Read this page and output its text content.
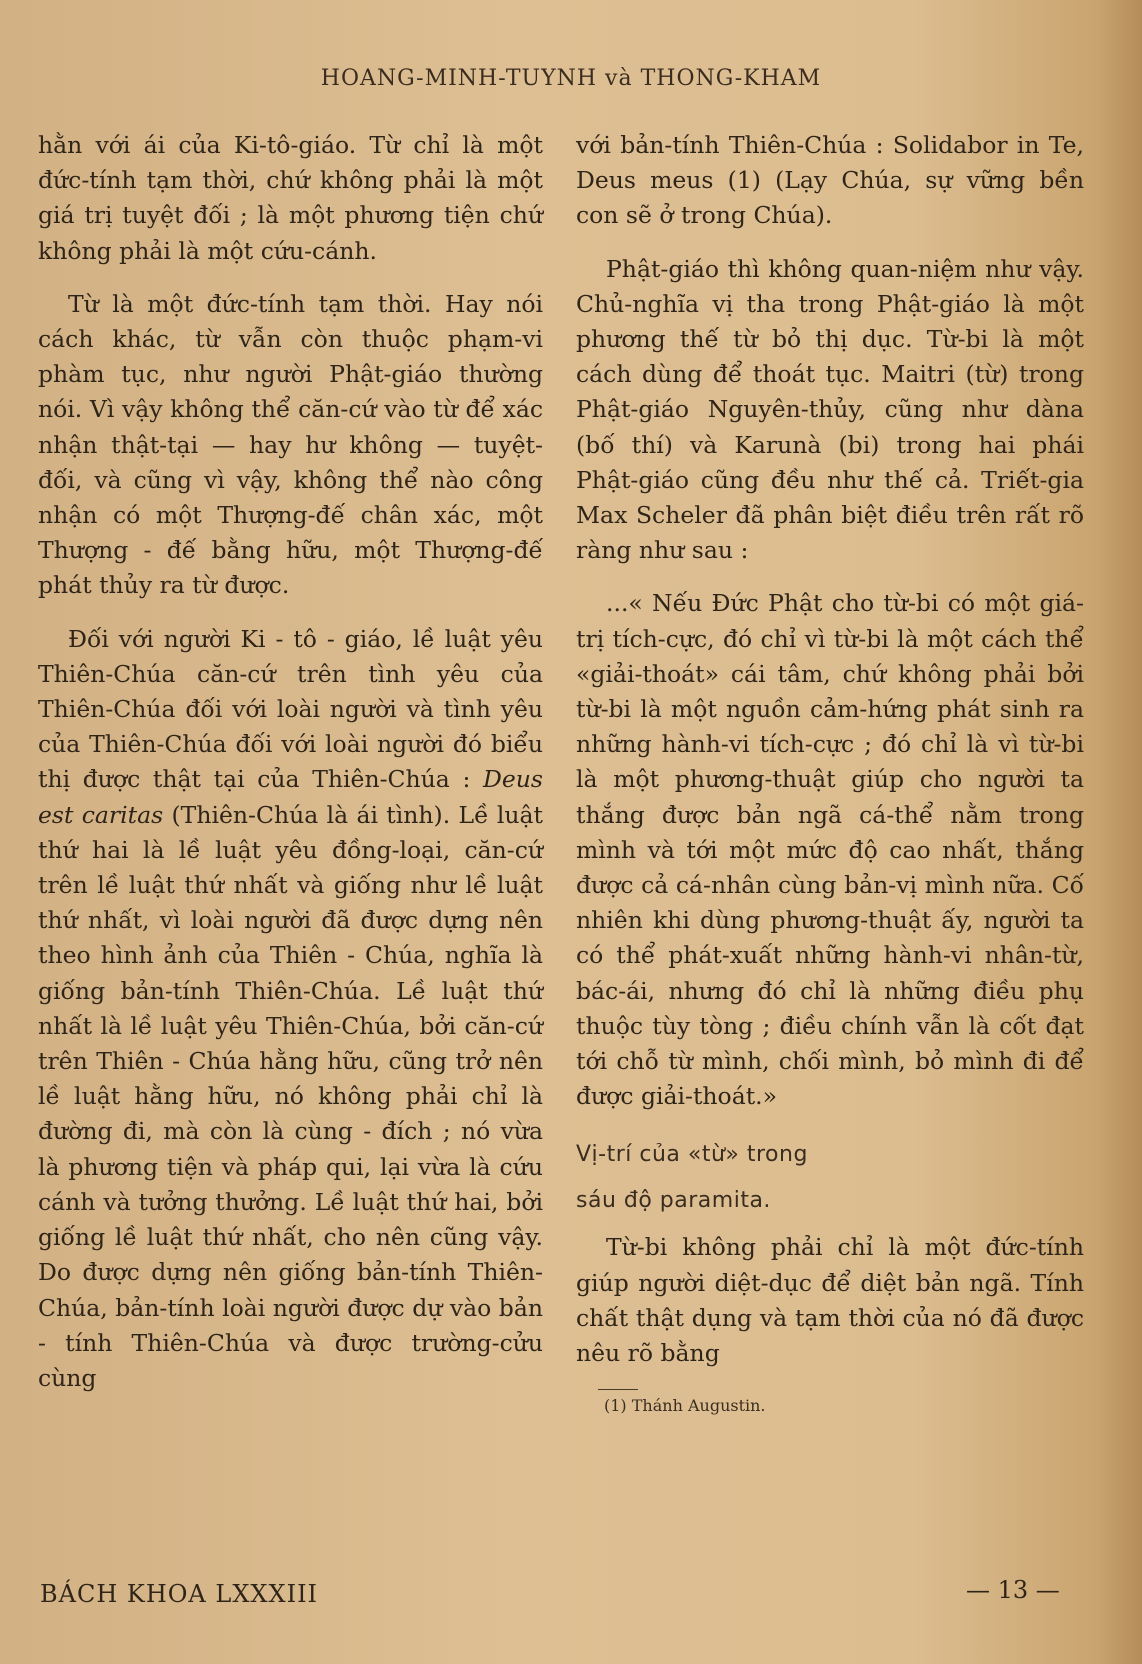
HOANG-MINH-TUYNH và THONG-KHAM

hằn với ái của Ki-tô-giáo. Từ chỉ là một đức-tính tạm thời, chứ không phải là một giá trị tuyệt đối ; là một phương tiện chứ không phải là một cứu-cánh.

Từ là một đức-tính tạm thời. Hay nói cách khác, từ vẫn còn thuộc phạm-vi phàm tục, như người Phật-giáo thường nói. Vì vậy không thể căn-cứ vào từ để xác nhận thật-tại — hay hư không — tuyệt-đối, và cũng vì vậy, không thể nào công nhận có một Thượng-đế chân xác, một Thượng - đế bằng hữu, một Thượng-đế phát thủy ra từ được.

Đối với người Ki - tô - giáo, lề luật yêu Thiên-Chúa căn-cứ trên tình yêu của Thiên-Chúa đối với loài người và tình yêu của Thiên-Chúa đối với loài người đó biểu thị được thật tại của Thiên-Chúa : Deus est caritas (Thiên-Chúa là ái tình). Lề luật thứ hai là lề luật yêu đồng-loại, căn-cứ trên lề luật thứ nhất và giống như lề luật thứ nhất, vì loài người đã được dựng nên theo hình ảnh của Thiên - Chúa, nghĩa là giống bản-tính Thiên-Chúa. Lề luật thứ nhất là lề luật yêu Thiên-Chúa, bởi căn-cứ trên Thiên - Chúa hằng hữu, cũng trở nên lề luật hằng hữu, nó không phải chỉ là đường đi, mà còn là cùng - đích ; nó vừa là phương tiện và pháp qui, lại vừa là cứu cánh và tưởng thưởng. Lề luật thứ hai, bởi giống lề luật thứ nhất, cho nên cũng vậy. Do được dựng nên giống bản-tính Thiên-Chúa, bản-tính loài người được dự vào bản - tính Thiên-Chúa và được trường-cửu cùng

với bản-tính Thiên-Chúa : Solidabor in Te, Deus meus (1) (Lạy Chúa, sự vững bền con sẽ ở trong Chúa).

Phật-giáo thì không quan-niệm như vậy. Chủ-nghĩa vị tha trong Phật-giáo là một phương thế từ bỏ thị dục. Từ-bi là một cách dùng để thoát tục. Maitri (từ) trong Phật-giáo Nguyên-thủy, cũng như dàna (bố thí) và Karunà (bi) trong hai phái Phật-giáo cũng đều như thế cả. Triết-gia Max Scheler đã phân biệt điều trên rất rõ ràng như sau :

...« Nếu Đức Phật cho từ-bi có một giá-trị tích-cực, đó chỉ vì từ-bi là một cách thể «giải-thoát» cái tâm, chứ không phải bởi từ-bi là một nguồn cảm-hứng phát sinh ra những hành-vi tích-cực ; đó chỉ là vì từ-bi là một phương-thuật giúp cho người ta thắng được bản ngã cá-thể nằm trong mình và tới một mức độ cao nhất, thắng được cả cá-nhân cùng bản-vị mình nữa. Cố nhiên khi dùng phương-thuật ấy, người ta có thể phát-xuất những hành-vi nhân-từ, bác-ái, nhưng đó chỉ là những điều phụ thuộc tùy tòng ; điều chính vẫn là cốt đạt tới chỗ từ mình, chối mình, bỏ mình đi để được giải-thoát.»

Vị-trí của «từ» trong
sáu độ paramita.

Từ-bi không phải chỉ là một đức-tính giúp người diệt-dục để diệt bản ngã. Tính chất thật dụng và tạm thời của nó đã được nêu rõ bằng

(1) Thánh Augustin.
BÁCH KHOA LXXXIII	— 13 —
